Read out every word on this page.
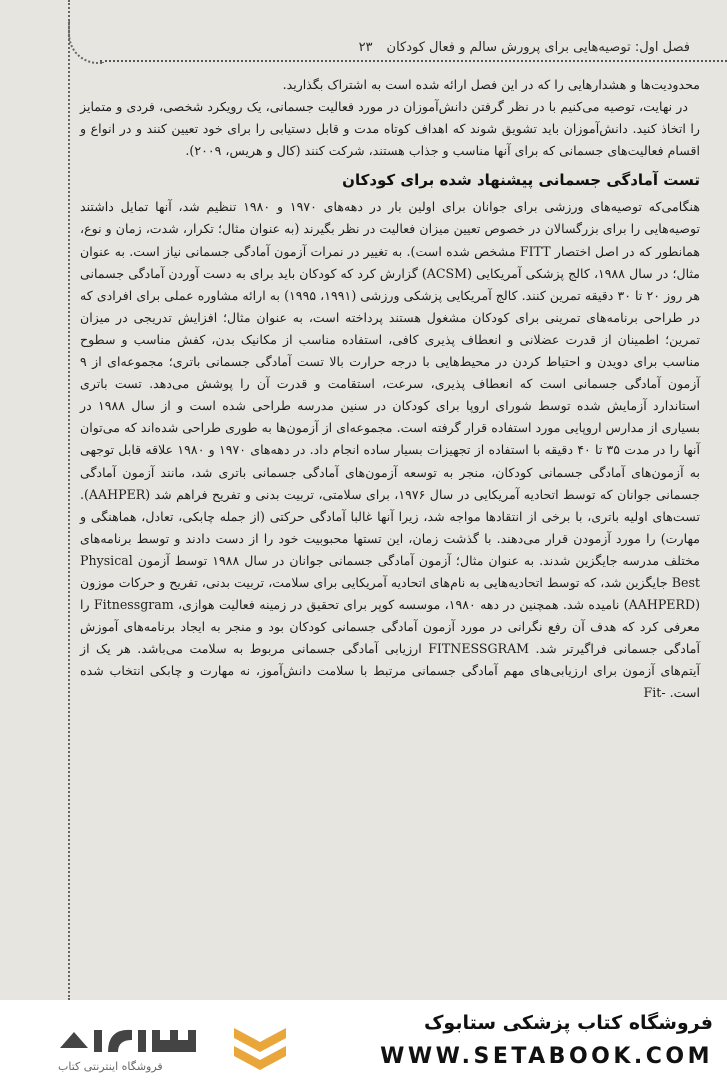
فصل اول: توصیه‌هایی برای پرورش سالم و فعال کودکان
۲۳

محدودیت‌ها و هشدارهایی را که در این فصل ارائه شده است به اشتراک بگذارید.

در نهایت، توصیه می‌کنیم با در نظر گرفتن دانش‌آموزان در مورد فعالیت جسمانی، یک رویکرد شخصی، فردی و متمایز را اتخاذ کنید. دانش‌آموزان باید تشویق شوند که اهداف کوتاه مدت و قابل دستیابی را برای خود تعیین کنند و در انواع و اقسام فعالیت‌های جسمانی که برای آنها مناسب و جذاب هستند، شرکت کنند (کال و هریس، ۲۰۰۹).

تست آمادگی جسمانی پیشنهاد شده برای کودکان

هنگامی‌که توصیه‌های ورزشی برای جوانان برای اولین بار در دهه‌های ۱۹۷۰ و ۱۹۸۰ تنظیم شد، آنها تمایل داشتند توصیه‌هایی را برای بزرگسالان در خصوص تعیین میزان فعالیت در نظر بگیرند (به عنوان مثال؛ تکرار، شدت، زمان و نوع، همانطور که در اصل اختصار FITT مشخص شده است). به تغییر در نمرات آزمون آمادگی جسمانی نیاز است. به عنوان مثال؛ در سال ۱۹۸۸، کالج پزشکی آمریکایی (ACSM) گزارش کرد که کودکان باید برای به دست آوردن آمادگی جسمانی هر روز ۲۰ تا ۳۰ دقیقه تمرین کنند. کالج آمریکایی پزشکی ورزشی (۱۹۹۱، ۱۹۹۵) به ارائه مشاوره عملی برای افرادی که در طراحی برنامه‌های تمرینی برای کودکان مشغول هستند پرداخته است، به عنوان مثال؛ افزایش تدریجی در میزان تمرین؛ اطمینان از قدرت عضلانی و انعطاف پذیری کافی، استفاده مناسب از مکانیک بدن، کفش مناسب و سطوح مناسب برای دویدن و احتیاط کردن در محیط‌هایی با درجه حرارت بالا تست آمادگی جسمانی باتری؛ مجموعه‌ای از ۹ آزمون آمادگی جسمانی است که انعطاف پذیری، سرعت، استقامت و قدرت آن را پوشش می‌دهد. تست باتری استاندارد آزمایش شده توسط شورای اروپا برای کودکان در سنین مدرسه طراحی شده است و از سال ۱۹۸۸ در بسیاری از مدارس اروپایی مورد استفاده قرار گرفته است. مجموعه‌ای از آزمون‌ها به طوری طراحی شده‌اند که می‌توان آنها را در مدت ۳۵ تا ۴۰ دقیقه با استفاده از تجهیزات بسیار ساده انجام داد. در دهه‌های ۱۹۷۰ و ۱۹۸۰ علاقه قابل توجهی به آزمون‌های آمادگی جسمانی کودکان، منجر به توسعه آزمون‌های آمادگی جسمانی باتری شد، مانند آزمون آمادگی جسمانی جوانان که توسط اتحادیه آمریکایی در سال ۱۹۷۶، برای سلامتی، تربیت بدنی و تفریح فراهم شد (AAHPER). تست‌های اولیه باتری، با برخی از انتقادها مواجه شد، زیرا آنها غالبا آمادگی حرکتی (از جمله چابکی، تعادل، هماهنگی و مهارت) را مورد آزمودن قرار می‌دهند. با گذشت زمان، این تستها محبوبیت خود را از دست دادند و توسط برنامه‌های مختلف مدرسه جایگزین شدند. به عنوان مثال؛ آزمون آمادگی جسمانی جوانان در سال ۱۹۸۸ توسط آزمون Physical Best جایگزین شد، که توسط اتحادیه‌هایی به نام‌های اتحادیه آمریکایی برای سلامت، تربیت بدنی، تفریح و حرکات موزون (AAHPERD) نامیده شد. همچنین در دهه ۱۹۸۰، موسسه کوپر برای تحقیق در زمینه فعالیت هوازی، Fitnessgram را معرفی کرد که هدف آن رفع نگرانی در مورد آزمون آمادگی جسمانی کودکان بود و منجر به ایجاد برنامه‌های آموزش آمادگی جسمانی فراگیرتر شد. FITNESSGRAM ارزیابی آمادگی جسمانی مربوط به سلامت می‌باشد. هر یک از آیتم‌های آزمون برای ارزیابی‌های مهم آمادگی جسمانی مرتبط با سلامت دانش‌آموز، نه مهارت و چابکی انتخاب شده است. -Fit

فروشگاه اینترنتی کتاب
فروشگاه کتاب پزشکی ستابوک
WWW.SETABOOK.COM
